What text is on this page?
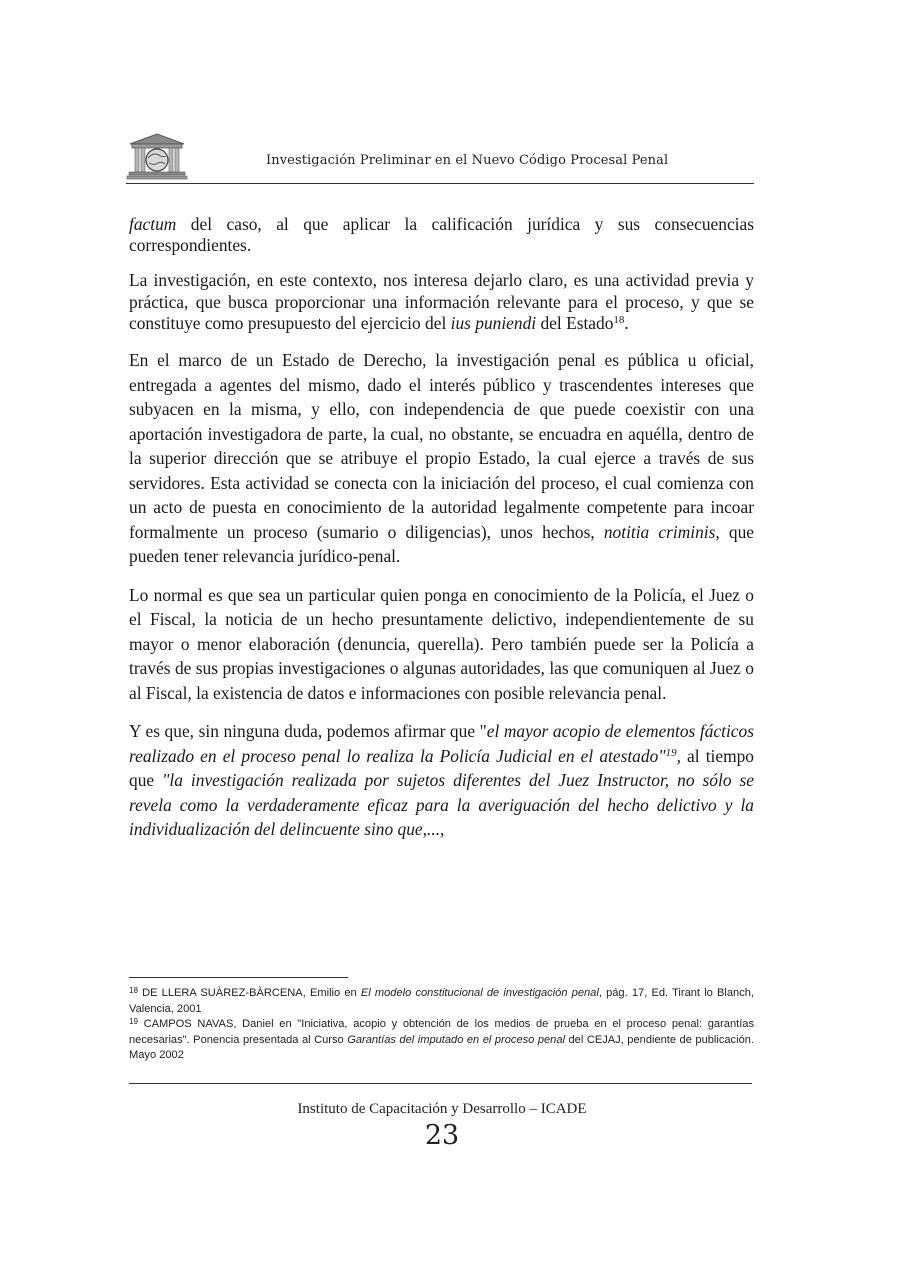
Investigación Preliminar en el Nuevo Código Procesal Penal

factum del caso, al que aplicar la calificación jurídica y sus consecuencias correspondientes.

La investigación, en este contexto, nos interesa dejarlo claro, es una actividad previa y práctica, que busca proporcionar una información relevante para el proceso, y que se constituye como presupuesto del ejercicio del ius puniendi del Estado$^{18}$.

En el marco de un Estado de Derecho, la investigación penal es pública u oficial, entregada a agentes del mismo, dado el interés público y trascendentes intereses que subyacen en la misma, y ello, con independencia de que puede coexistir con una aportación investigadora de parte, la cual, no obstante, se encuadra en aquélla, dentro de la superior dirección que se atribuye el propio Estado, la cual ejerce a través de sus servidores. Esta actividad se conecta con la iniciación del proceso, el cual comienza con un acto de puesta en conocimiento de la autoridad legalmente competente para incoar formalmente un proceso (sumario o diligencias), unos hechos, notitia criminis, que pueden tener relevancia jurídico-penal.

Lo normal es que sea un particular quien ponga en conocimiento de la Policía, el Juez o el Fiscal, la noticia de un hecho presuntamente delictivo, independientemente de su mayor o menor elaboración (denuncia, querella). Pero también puede ser la Policía a través de sus propias investigaciones o algunas autoridades, las que comuniquen al Juez o al Fiscal, la existencia de datos e informaciones con posible relevancia penal.

Y es que, sin ninguna duda, podemos afirmar que "el mayor acopio de elementos fácticos realizado en el proceso penal lo realiza la Policía Judicial en el atestado"$^{19}$, al tiempo que "la investigación realizada por sujetos diferentes del Juez Instructor, no sólo se revela como la verdaderamente eficaz para la averiguación del hecho delictivo y la individualización del delincuente sino que,...,

$^{18}$ DE LLERA SUÀREZ-BÀRCENA, Emilio en El modelo constitucional de investigación penal, pág. 17, Ed. Tirant lo Blanch, Valencia, 2001

$^{19}$ CAMPOS NAVAS, Daniel en "Iniciativa, acopio y obtención de los medios de prueba en el proceso penal: garantías necesarias". Ponencia presentada al Curso Garantías del imputado en el proceso penal del CEJAJ, pendiente de publicación. Mayo 2002

Instituto de Capacitación y Desarrollo – ICADE
23
